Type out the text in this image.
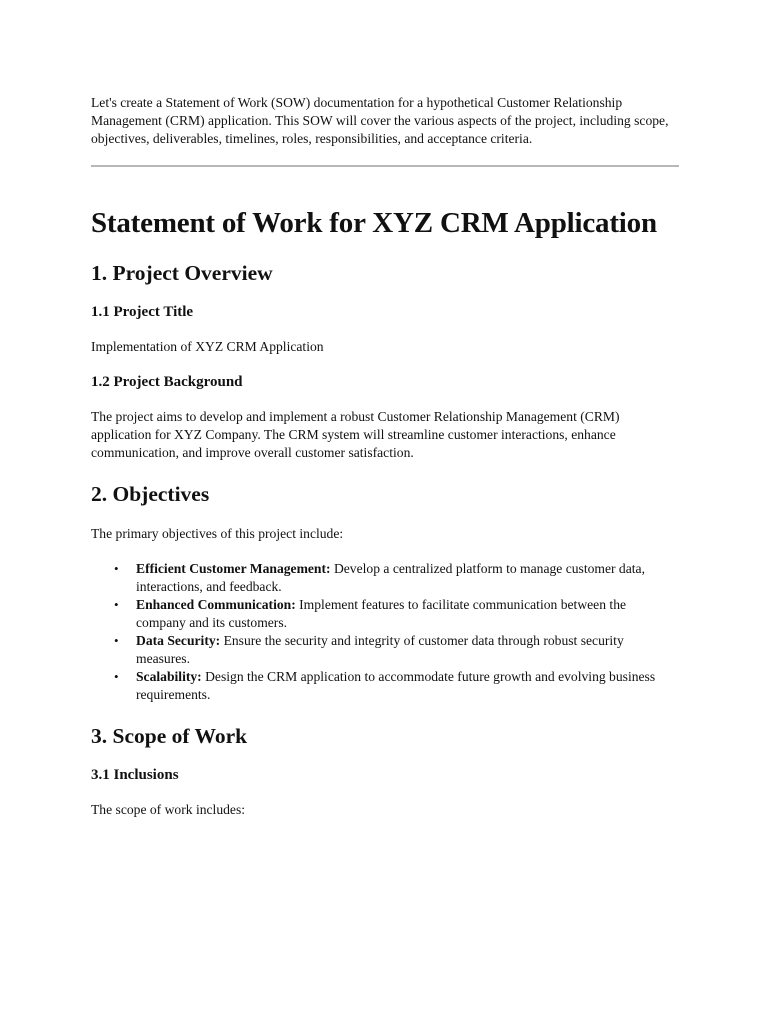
Let's create a Statement of Work (SOW) documentation for a hypothetical Customer Relationship Management (CRM) application. This SOW will cover the various aspects of the project, including scope, objectives, deliverables, timelines, roles, responsibilities, and acceptance criteria.

Statement of Work for XYZ CRM Application
1. Project Overview
1.1 Project Title

Implementation of XYZ CRM Application

1.2 Project Background

The project aims to develop and implement a robust Customer Relationship Management (CRM) application for XYZ Company. The CRM system will streamline customer interactions, enhance communication, and improve overall customer satisfaction.

2. Objectives

The primary objectives of this project include:

• Efficient Customer Management: Develop a centralized platform to manage customer data, interactions, and feedback.
• Enhanced Communication: Implement features to facilitate communication between the company and its customers.
• Data Security: Ensure the security and integrity of customer data through robust security measures.
• Scalability: Design the CRM application to accommodate future growth and evolving business requirements.
3. Scope of Work
3.1 Inclusions

The scope of work includes:
